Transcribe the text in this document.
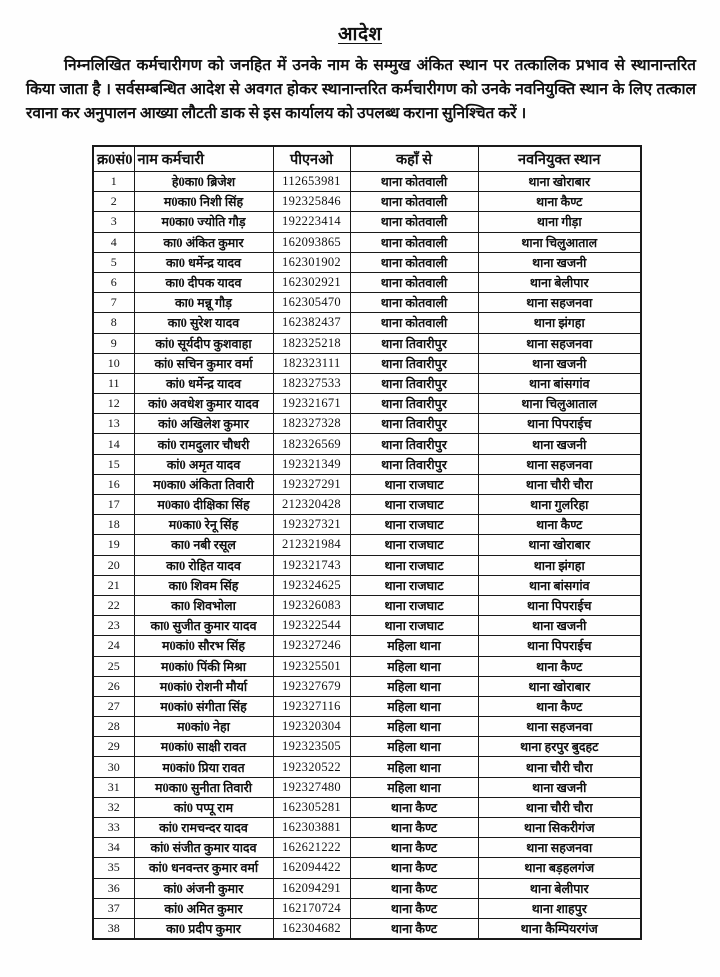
आदेश
निम्नलिखित कर्मचारीगण को जनहित में उनके नाम के सम्मुख अंकित स्थान पर तत्कालिक प्रभाव से स्थानान्तरित किया जाता है । सर्वसम्बन्धित आदेश से अवगत होकर स्थानान्तरित कर्मचारीगण को उनके नवनियुक्ति स्थान के लिए तत्काल रवाना कर अनुपालन आख्या लौटती डाक से इस कार्यालय को उपलब्ध कराना सुनिश्चित करें ।
क्र0सं0	नाम कर्मचारी	पीएनओ	कहाँ से	नवनियुक्त स्थान
1	हे0का0 ब्रिजेश	112653981	थाना कोतवाली	थाना खोराबार
2	म0का0 निशी सिंह	192325846	थाना कोतवाली	थाना कैण्ट
3	म0का0 ज्योति गौड़	192223414	थाना कोतवाली	थाना गीड़ा
4	का0 अंकित कुमार	162093865	थाना कोतवाली	थाना चिलुआताल
5	का0 धर्मेन्द्र यादव	162301902	थाना कोतवाली	थाना खजनी
6	का0 दीपक यादव	162302921	थाना कोतवाली	थाना बेलीपार
7	का0 मन्नू गौड़	162305470	थाना कोतवाली	थाना सहजनवा
8	का0 सुरेश यादव	162382437	थाना कोतवाली	थाना झंगहा
9	कां0 सूर्यदीप कुशवाहा	182325218	थाना तिवारीपुर	थाना सहजनवा
10	कां0 सचिन कुमार वर्मा	182323111	थाना तिवारीपुर	थाना खजनी
11	कां0 धर्मेन्द्र यादव	182327533	थाना तिवारीपुर	थाना बांसगांव
12	कां0 अवधेश कुमार यादव	192321671	थाना तिवारीपुर	थाना चिलुआताल
13	कां0 अखिलेश कुमार	182327328	थाना तिवारीपुर	थाना पिपराईच
14	कां0 रामदुलार चौधरी	182326569	थाना तिवारीपुर	थाना खजनी
15	कां0 अमृत यादव	192321349	थाना तिवारीपुर	थाना सहजनवा
16	म0का0 अंकिता तिवारी	192327291	थाना राजघाट	थाना चौरी चौरा
17	म0का0 दीक्षिका सिंह	212320428	थाना राजघाट	थाना गुलरिहा
18	म0का0 रेनू सिंह	192327321	थाना राजघाट	थाना कैण्ट
19	का0 नबी रसूल	212321984	थाना राजघाट	थाना खोराबार
20	का0 रोहित यादव	192321743	थाना राजघाट	थाना झंगहा
21	का0 शिवम सिंह	192324625	थाना राजघाट	थाना बांसगांव
22	का0 शिवभोला	192326083	थाना राजघाट	थाना पिपराईच
23	का0 सुजीत कुमार यादव	192322544	थाना राजघाट	थाना खजनी
24	म0कां0 सौरभ सिंह	192327246	महिला थाना	थाना पिपराईच
25	म0कां0 पिंकी मिश्रा	192325501	महिला थाना	थाना कैण्ट
26	म0कां0 रोशनी मौर्या	192327679	महिला थाना	थाना खोराबार
27	म0कां0 संगीता सिंह	192327116	महिला थाना	थाना कैण्ट
28	म0कां0 नेहा	192320304	महिला थाना	थाना सहजनवा
29	म0कां0 साक्षी रावत	192323505	महिला थाना	थाना हरपुर बुदहट
30	म0कां0 प्रिया रावत	192320522	महिला थाना	थाना चौरी चौरा
31	म0का0 सुनीता तिवारी	192327480	महिला थाना	थाना खजनी
32	कां0 पप्पू राम	162305281	थाना कैण्ट	थाना चौरी चौरा
33	कां0 रामचन्दर यादव	162303881	थाना कैण्ट	थाना सिकरीगंज
34	कां0 संजीत कुमार यादव	162621222	थाना कैण्ट	थाना सहजनवा
35	कां0 धनवन्तर कुमार वर्मा	162094422	थाना कैण्ट	थाना बड़हलगंज
36	कां0 अंजनी कुमार	162094291	थाना कैण्ट	थाना बेलीपार
37	कां0 अमित कुमार	162170724	थाना कैण्ट	थाना शाहपुर
38	का0 प्रदीप कुमार	162304682	थाना कैण्ट	थाना कैम्पियरगंज
